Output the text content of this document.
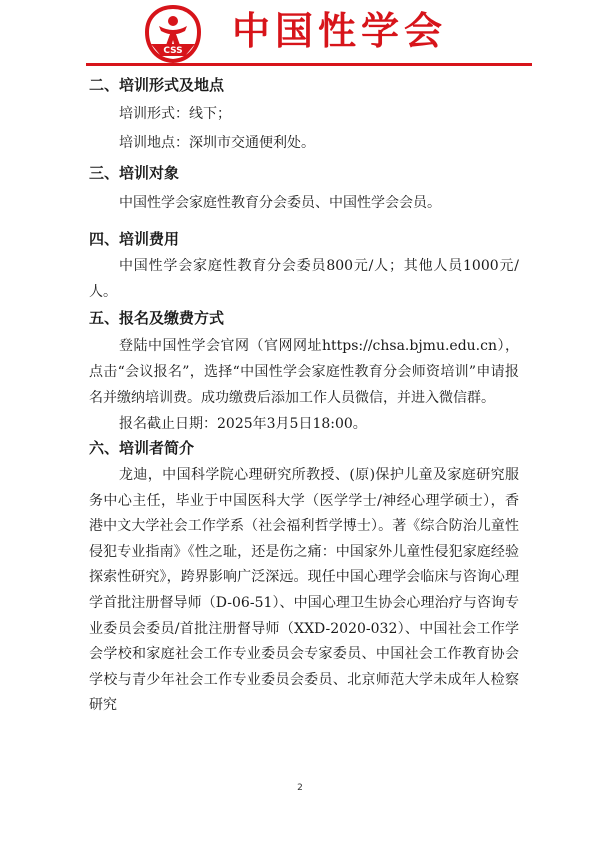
CSS 中国性学会
二、培训形式及地点

培训形式：线下；

培训地点：深圳市交通便利处。

三、培训对象

中国性学会家庭性教育分会委员、中国性学会会员。

四、培训费用

中国性学会家庭性教育分会委员800元/人；其他人员1000元/人。

五、报名及缴费方式

登陆中国性学会官网（官网网址https://chsa.bjmu.edu.cn）， 点击“会议报名”，选择“中国性学会家庭性教育分会师资培训”申请报名并缴纳培训费。成功缴费后添加工作人员微信，并进入微信群。

报名截止日期：2025年3月5日18:00。

六、培训者简介

龙迪，中国科学院心理研究所教授、(原)保护儿童及家庭研究服务中心主任，毕业于中国医科大学（医学学士/神经心理学硕士），香港中文大学社会工作学系（社会福利哲学博士）。著《综合防治儿童性侵犯专业指南》《性之耻，还是伤之痛：中国家外儿童性侵犯家庭经验探索性研究》，跨界影响广泛深远。现任中国心理学会临床与咨询心理学首批注册督导师（D-06-51）、中国心理卫生协会心理治疗与咨询专业委员会委员/首批注册督导师（XXD-2020-032）、中国社会工作学会学校和家庭社会工作专业委员会专家委员、中国社会工作教育协会学校与青少年社会工作专业委员会委员、北京师范大学未成年人检察研究

2
